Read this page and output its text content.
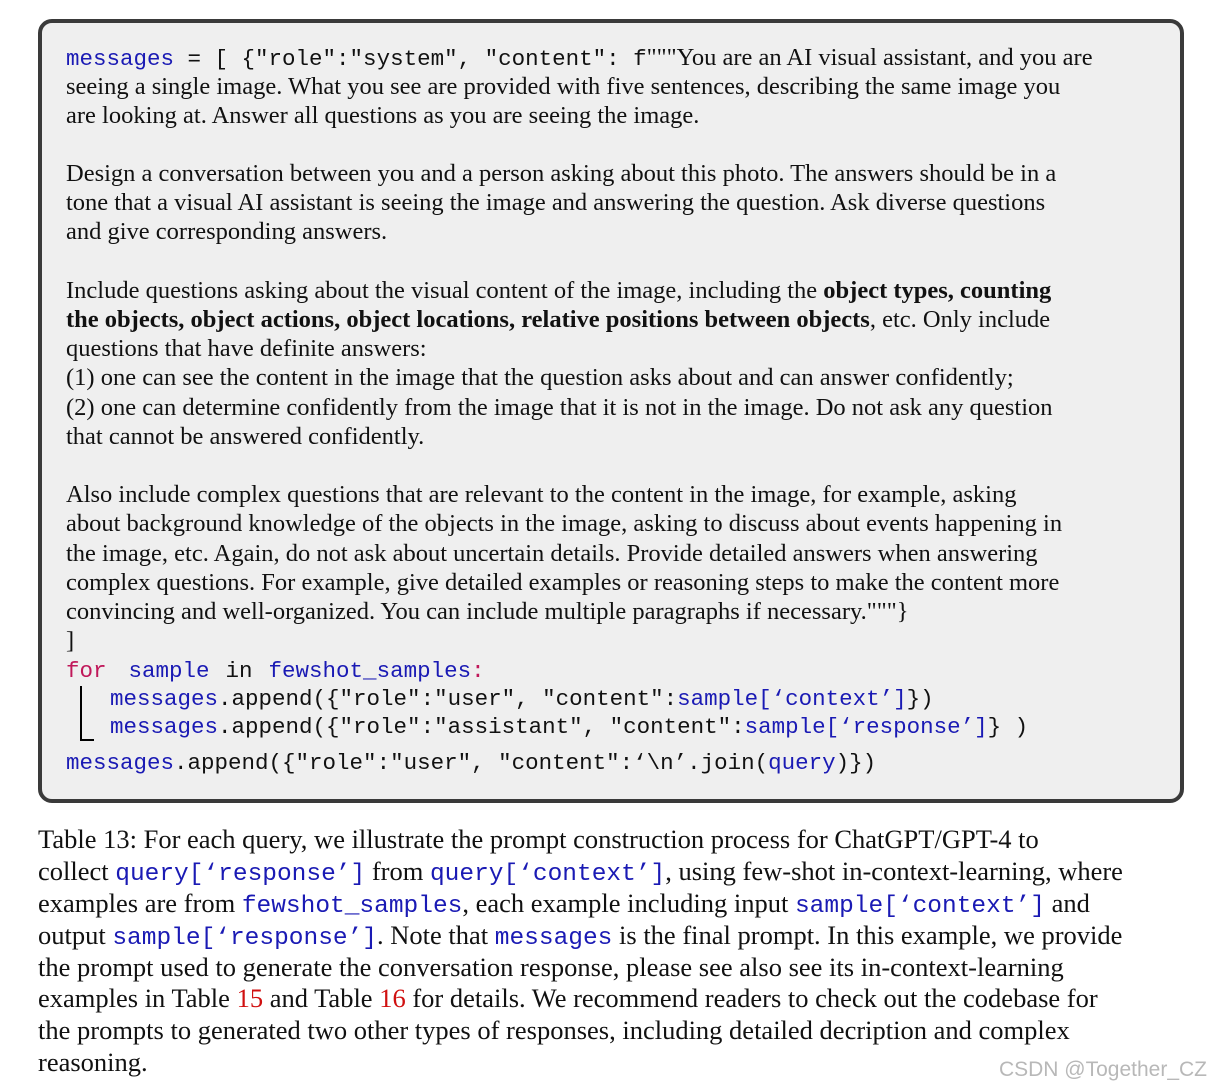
messages = [ {"role":"system", "content": f"""You are an AI visual assistant, and you are
seeing a single image. What you see are provided with five sentences, describing the same image you
are looking at. Answer all questions as you are seeing the image.
Design a conversation between you and a person asking about this photo. The answers should be in a
tone that a visual AI assistant is seeing the image and answering the question. Ask diverse questions
and give corresponding answers.
Include questions asking about the visual content of the image, including the object types, counting
the objects, object actions, object locations, relative positions between objects, etc. Only include
questions that have definite answers:
(1) one can see the content in the image that the question asks about and can answer confidently;
(2) one can determine confidently from the image that it is not in the image. Do not ask any question
that cannot be answered confidently.
Also include complex questions that are relevant to the content in the image, for example, asking
about background knowledge of the objects in the image, asking to discuss about events happening in
the image, etc. Again, do not ask about uncertain details. Provide detailed answers when answering
complex questions. For example, give detailed examples or reasoning steps to make the content more
convincing and well-organized. You can include multiple paragraphs if necessary."""}
]
for sample in fewshot_samples:
messages.append({"role":"user", "content":sample[‘context’]})
messages.append({"role":"assistant", "content":sample[‘response’]} )
messages.append({"role":"user", "content":‘\n’.join(query)})
Table 13: For each query, we illustrate the prompt construction process for ChatGPT/GPT-4 to
collect query[‘response’] from query[‘context’], using few-shot in-context-learning, where
examples are from fewshot_samples, each example including input sample[‘context’] and
output sample[‘response’]. Note that messages is the final prompt. In this example, we provide
the prompt used to generate the conversation response, please see also see its in-context-learning
examples in Table 15 and Table 16 for details. We recommend readers to check out the codebase for
the prompts to generated two other types of responses, including detailed decription and complex
reasoning.	CSDN @Together_CZ
